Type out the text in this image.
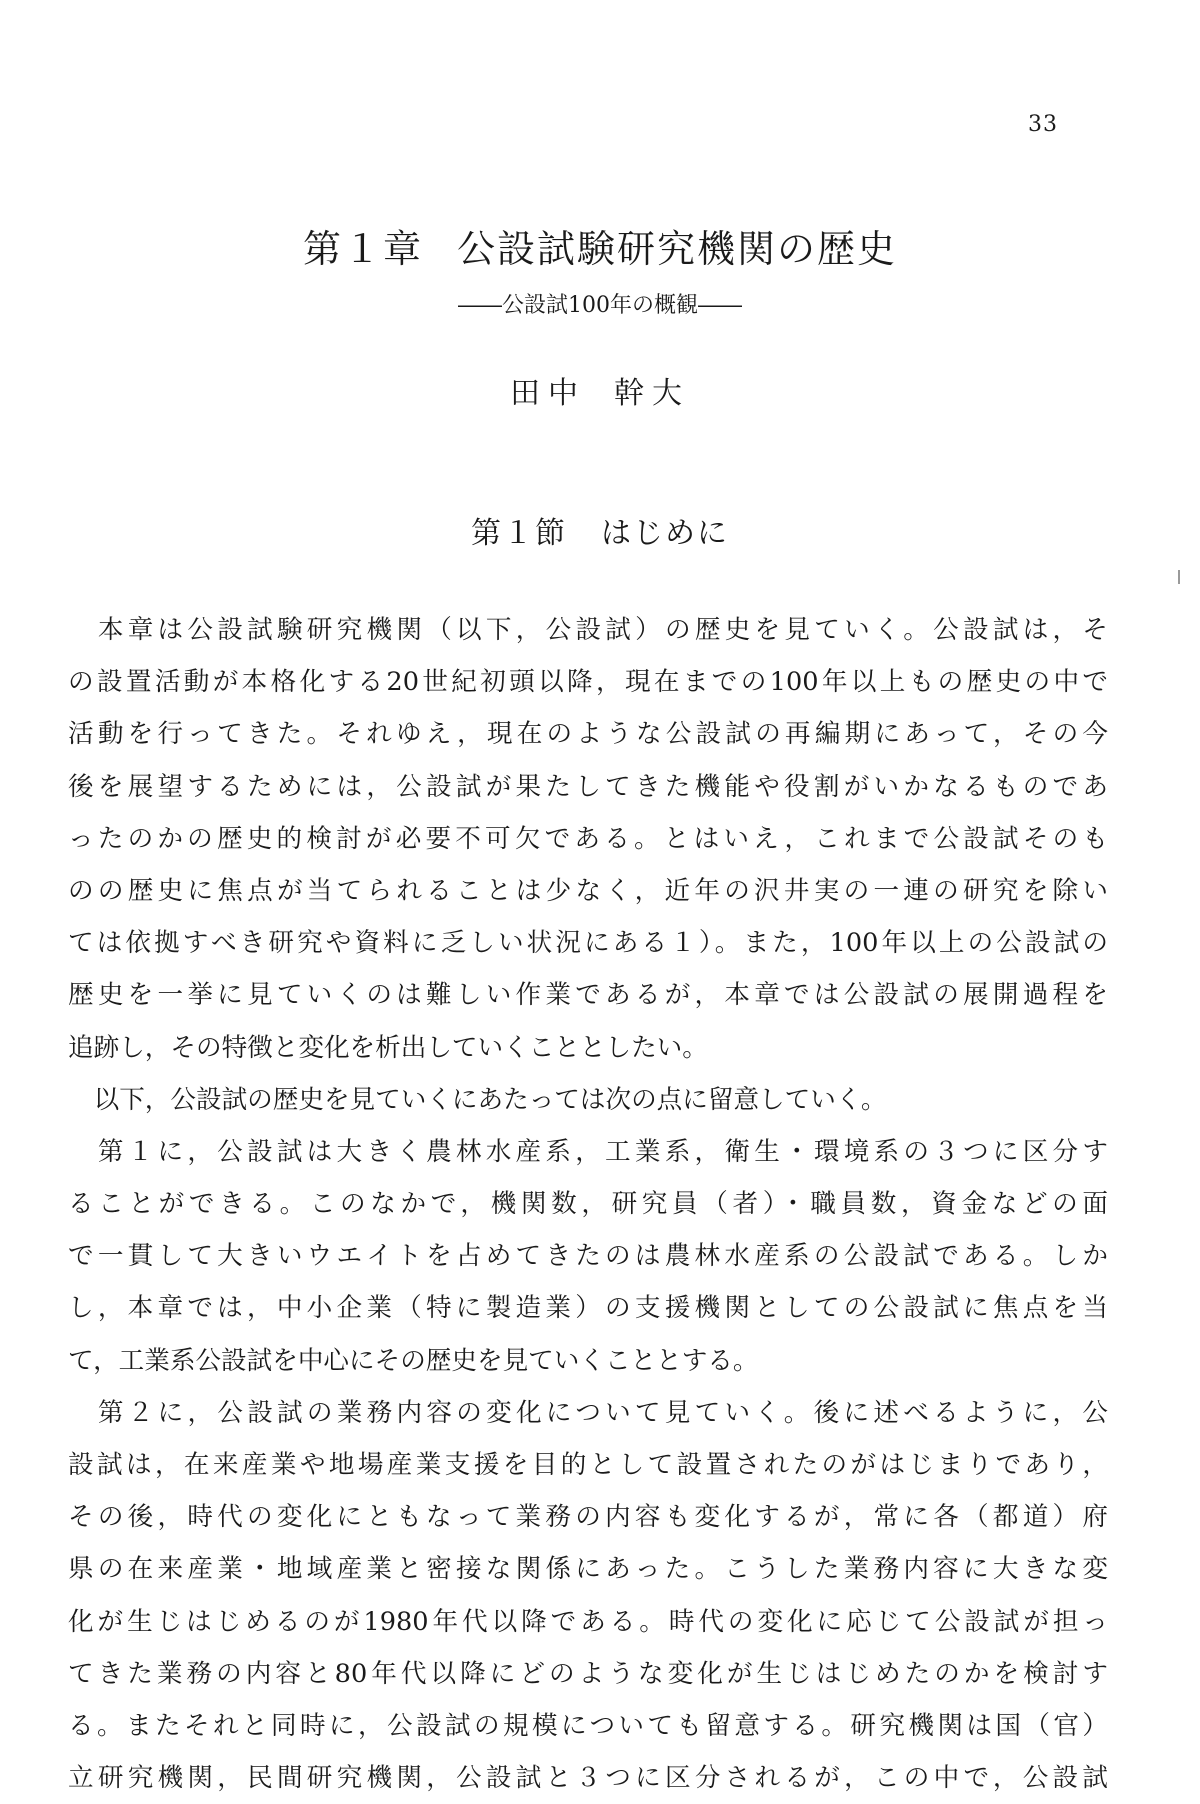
33
第１章 公設試験研究機関の歴史
――公設試100年の概観――
田中 幹大
第１節 はじめに
　本章は公設試験研究機関（以下，公設試）の歴史を見ていく。公設試は，そ
の設置活動が本格化する20世紀初頭以降，現在までの100年以上もの歴史の中で
活動を行ってきた。それゆえ，現在のような公設試の再編期にあって，その今
後を展望するためには，公設試が果たしてきた機能や役割がいかなるものであ
ったのかの歴史的検討が必要不可欠である。とはいえ，これまで公設試そのも
のの歴史に焦点が当てられることは少なく，近年の沢井実の一連の研究を除い
ては依拠すべき研究や資料に乏しい状況にある１）。また，100年以上の公設試の
歴史を一挙に見ていくのは難しい作業であるが，本章では公設試の展開過程を
追跡し，その特徴と変化を析出していくこととしたい。
　以下，公設試の歴史を見ていくにあたっては次の点に留意していく。
　第１に，公設試は大きく農林水産系，工業系，衛生・環境系の３つに区分す
ることができる。このなかで，機関数，研究員（者）・職員数，資金などの面
で一貫して大きいウエイトを占めてきたのは農林水産系の公設試である。しか
し，本章では，中小企業（特に製造業）の支援機関としての公設試に焦点を当
て，工業系公設試を中心にその歴史を見ていくこととする。
　第２に，公設試の業務内容の変化について見ていく。後に述べるように，公
設試は，在来産業や地場産業支援を目的として設置されたのがはじまりであり，
その後，時代の変化にともなって業務の内容も変化するが，常に各（都道）府
県の在来産業・地域産業と密接な関係にあった。こうした業務内容に大きな変
化が生じはじめるのが1980年代以降である。時代の変化に応じて公設試が担っ
てきた業務の内容と80年代以降にどのような変化が生じはじめたのかを検討す
る。またそれと同時に，公設試の規模についても留意する。研究機関は国（官）
立研究機関，民間研究機関，公設試と３つに区分されるが，この中で，公設試
